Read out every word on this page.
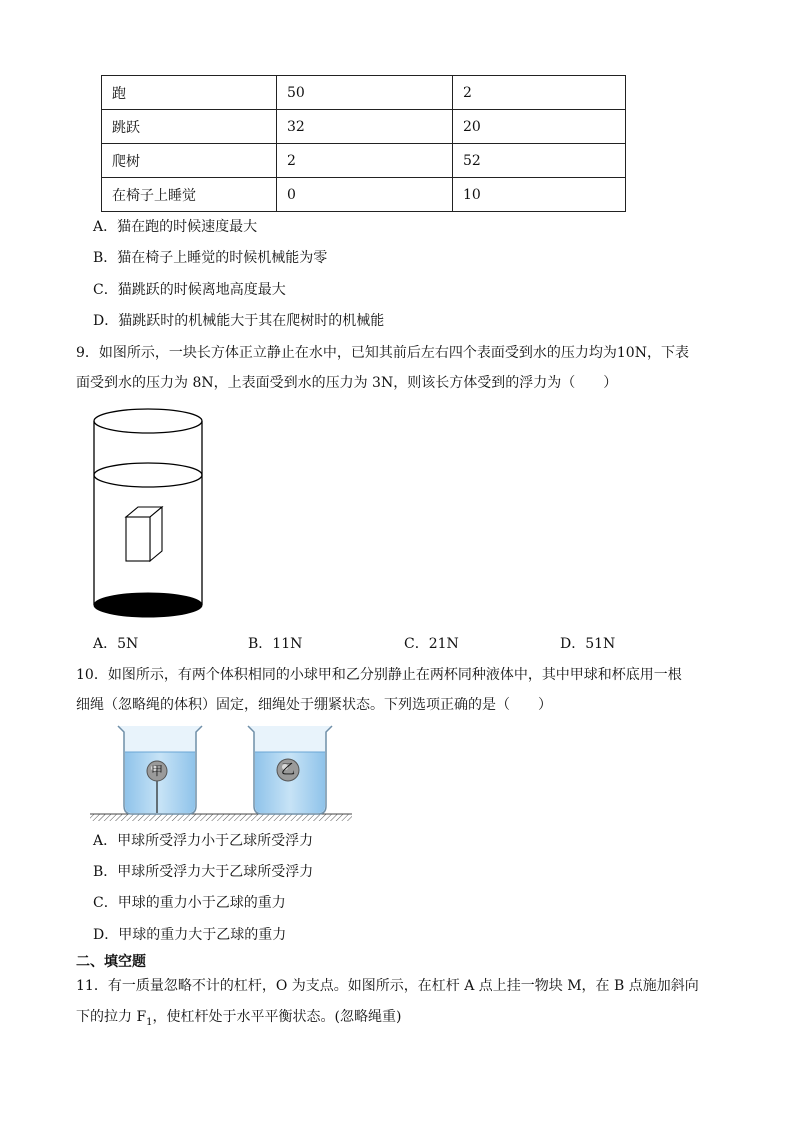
跑	50	2
跳跃	32	20
爬树	2	52
在椅子上睡觉	0	10
A．猫在跑的时候速度最大
B．猫在椅子上睡觉的时候机械能为零
C．猫跳跃的时候离地高度最大
D．猫跳跃时的机械能大于其在爬树时的机械能
9．如图所示，一块长方体正立静止在水中，已知其前后左右四个表面受到水的压力均为10N，下表
面受到水的压力为 8N，上表面受到水的压力为 3N，则该长方体受到的浮力为（　　）
A．5N	B．11N	C．21N	D．51N
10．如图所示，有两个体积相同的小球甲和乙分别静止在两杯同种液体中，其中甲球和杯底用一根
细绳（忽略绳的体积）固定，细绳处于绷紧状态。下列选项正确的是（　　）
甲	乙
A．甲球所受浮力小于乙球所受浮力
B．甲球所受浮力大于乙球所受浮力
C．甲球的重力小于乙球的重力
D．甲球的重力大于乙球的重力
二、填空题
11．有一质量忽略不计的杠杆，O 为支点。如图所示，在杠杆 A 点上挂一物块 M，在 B 点施加斜向
下的拉力 $F_1$，使杠杆处于水平平衡状态。(忽略绳重)
